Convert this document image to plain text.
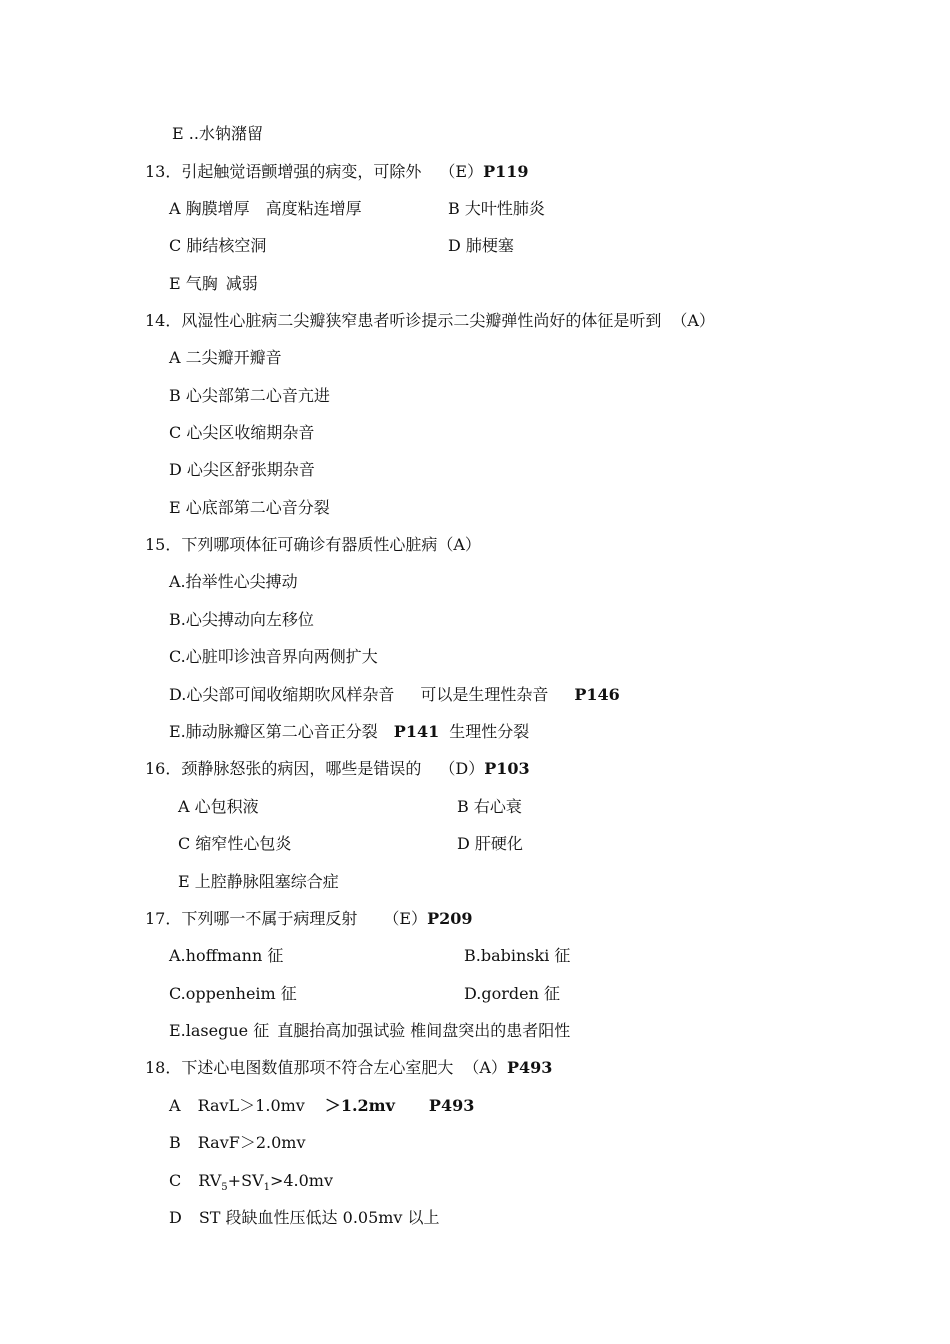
E ..水钠潴留
13．引起触觉语颤增强的病变，可除外 （E）P119
A 胸膜增厚 高度粘连增厚	B 大叶性肺炎
C 肺结核空洞	D 肺梗塞
E 气胸 减弱
14．风湿性心脏病二尖瓣狭窄患者听诊提示二尖瓣弹性尚好的体征是听到 （A）
A 二尖瓣开瓣音
B 心尖部第二心音亢进
C 心尖区收缩期杂音
D 心尖区舒张期杂音
E 心底部第二心音分裂
15．下列哪项体征可确诊有器质性心脏病（A）
A.抬举性心尖搏动
B.心尖搏动向左移位
C.心脏叩诊浊音界向两侧扩大
D.心尖部可闻收缩期吹风样杂音 可以是生理性杂音 P146
E.肺动脉瓣区第二心音正分裂 P141 生理性分裂
16．颈静脉怒张的病因，哪些是错误的 （D）P103
A 心包积液	B 右心衰
C 缩窄性心包炎	D 肝硬化
E 上腔静脉阻塞综合症
17．下列哪一不属于病理反射 （E）P209
A.hoffmann 征	B.babinski 征
C.oppenheim 征	D.gorden 征
E.lasegue 征 直腿抬高加强试验 椎间盘突出的患者阳性
18．下述心电图数值那项不符合左心室肥大 （A）P493
A RavL＞1.0mv ＞1.2mv P493
B RavF＞2.0mv
C $RV_5+SV_1>4.0mv$
D ST 段缺血性压低达 0.05mv 以上
